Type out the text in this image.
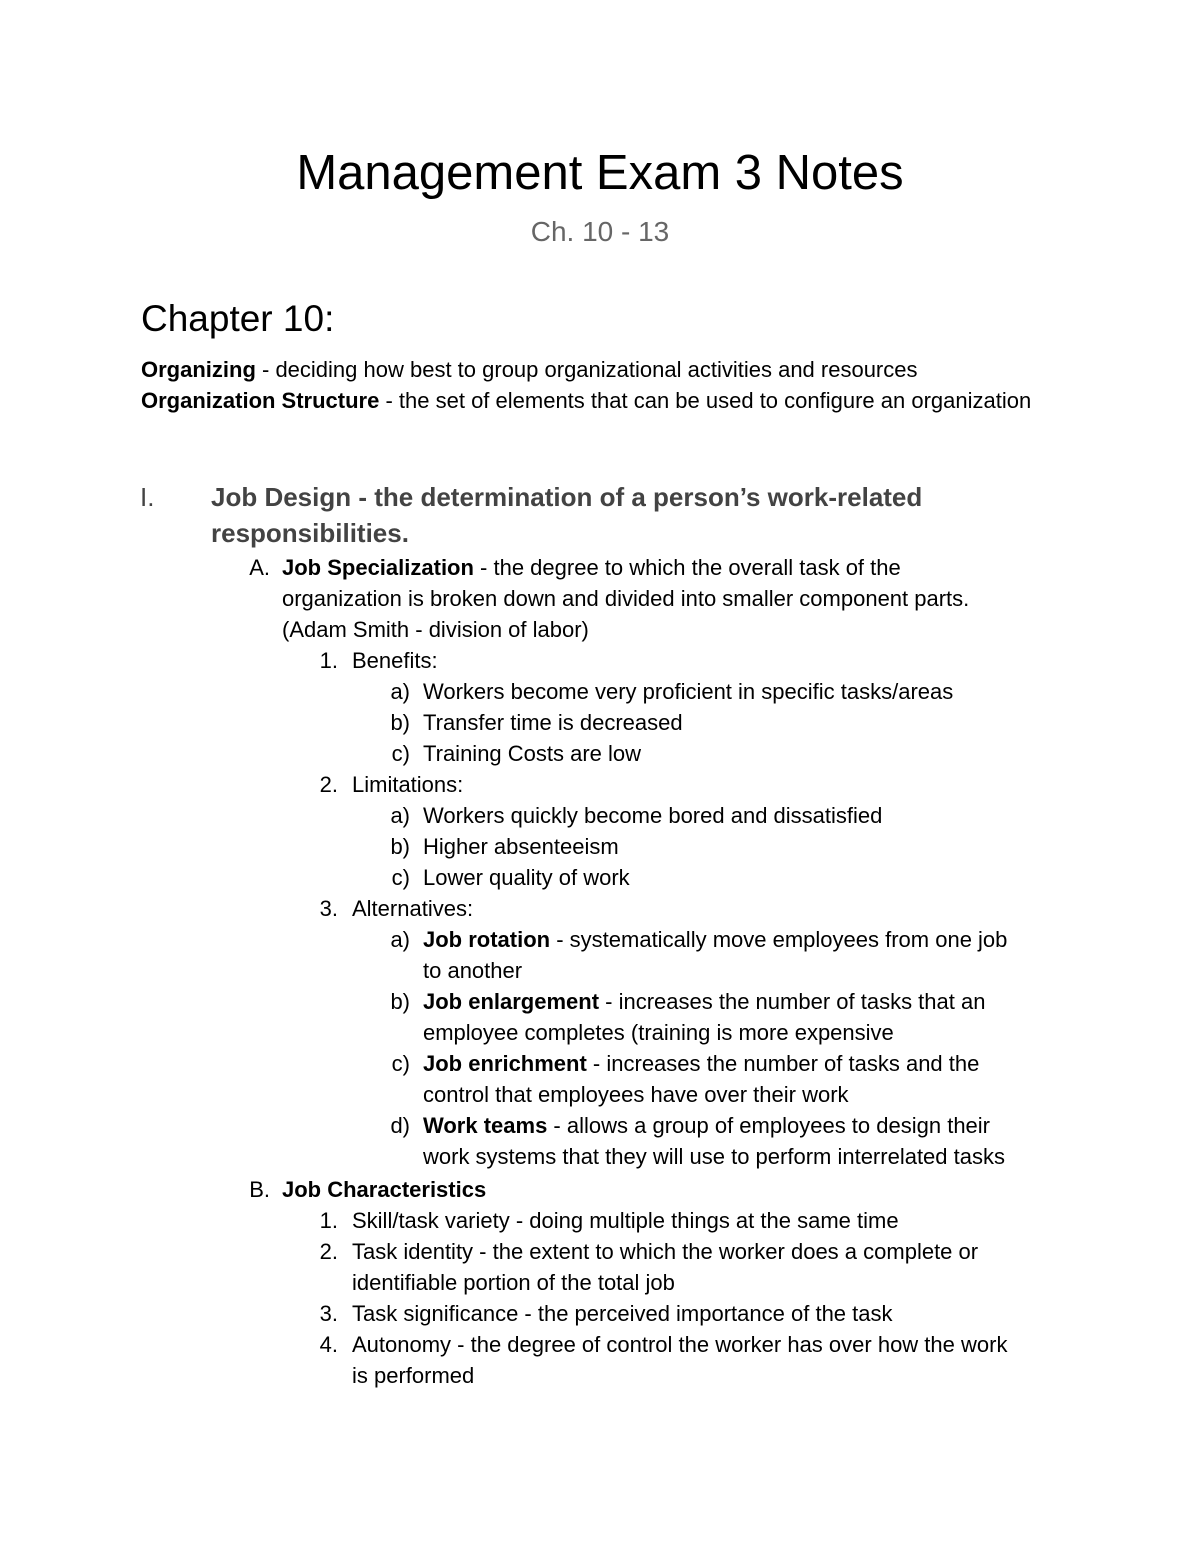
Management Exam 3 Notes
Ch. 10 - 13
Chapter 10:
Organizing - deciding how best to group organizational activities and resources
Organization Structure - the set of elements that can be used to configure an organization
I.	Job Design - the determination of a person’s work-related
responsibilities.
A. Job Specialization - the degree to which the overall task of the
organization is broken down and divided into smaller component parts.
(Adam Smith - division of labor)
1. Benefits:
a) Workers become very proficient in specific tasks/areas
b) Transfer time is decreased
c) Training Costs are low
2. Limitations:
a) Workers quickly become bored and dissatisfied
b) Higher absenteeism
c) Lower quality of work
3. Alternatives:
a) Job rotation - systematically move employees from one job
to another
b) Job enlargement - increases the number of tasks that an
employee completes (training is more expensive
c) Job enrichment - increases the number of tasks and the
control that employees have over their work
d) Work teams - allows a group of employees to design their
work systems that they will use to perform interrelated tasks
B. Job Characteristics
1. Skill/task variety - doing multiple things at the same time
2. Task identity - the extent to which the worker does a complete or
identifiable portion of the total job
3. Task significance - the perceived importance of the task
4. Autonomy - the degree of control the worker has over how the work
is performed
